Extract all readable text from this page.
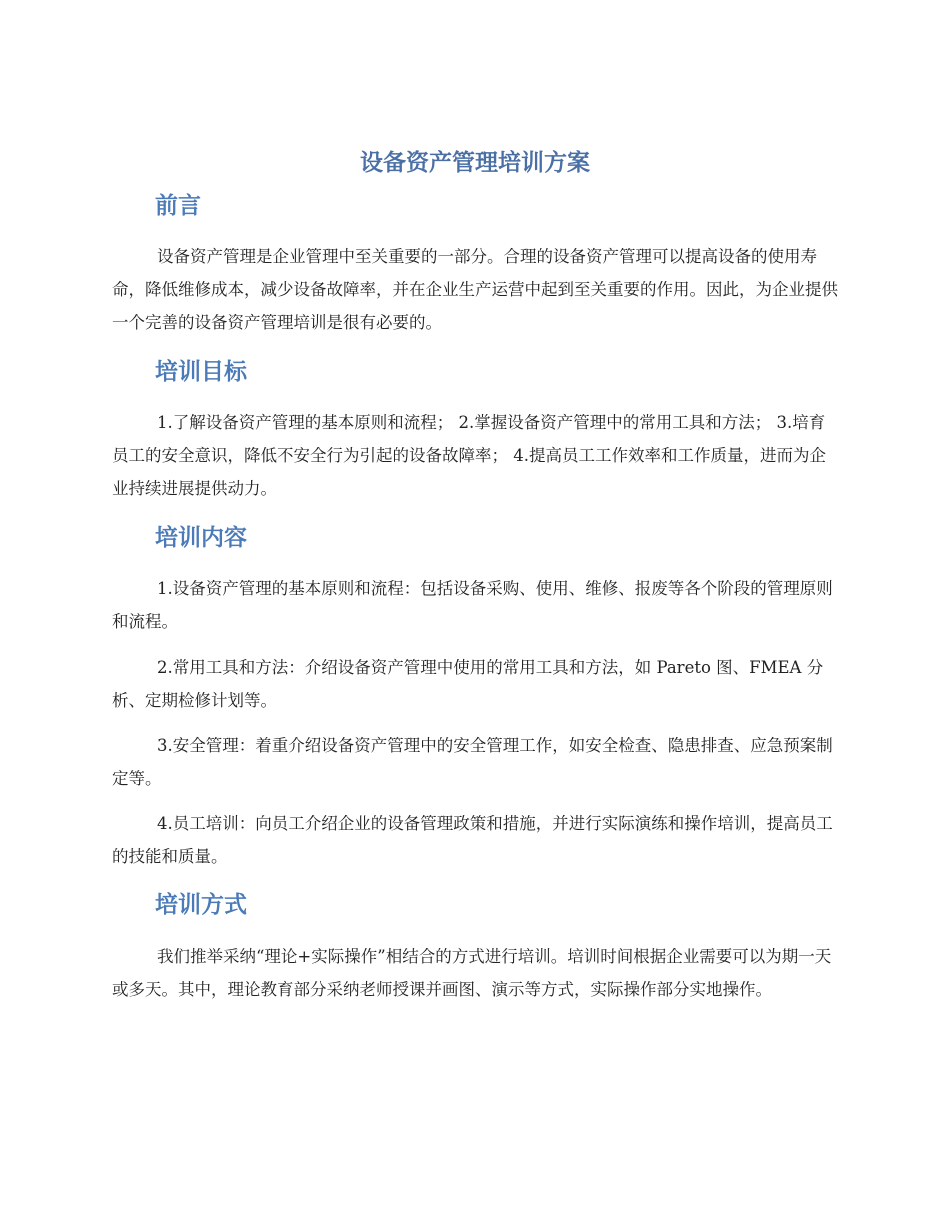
设备资产管理培训方案
前言

设备资产管理是企业管理中至关重要的一部分。合理的设备资产管理可以提高设备的使用寿命，降低维修成本，减少设备故障率，并在企业生产运营中起到至关重要的作用。因此，为企业提供一个完善的设备资产管理培训是很有必要的。

培训目标

1.了解设备资产管理的基本原则和流程； 2.掌握设备资产管理中的常用工具和方法； 3.培育员工的安全意识，降低不安全行为引起的设备故障率； 4.提高员工工作效率和工作质量，进而为企业持续进展提供动力。

培训内容

1.设备资产管理的基本原则和流程：包括设备采购、使用、维修、报废等各个阶段的管理原则和流程。

2.常用工具和方法：介绍设备资产管理中使用的常用工具和方法，如 Pareto 图、FMEA 分析、定期检修计划等。

3.安全管理：着重介绍设备资产管理中的安全管理工作，如安全检查、隐患排查、应急预案制定等。

4.员工培训：向员工介绍企业的设备管理政策和措施，并进行实际演练和操作培训，提高员工的技能和质量。

培训方式

我们推举采纳“理论+实际操作”相结合的方式进行培训。培训时间根据企业需要可以为期一天或多天。其中，理论教育部分采纳老师授课并画图、演示等方式，实际操作部分实地操作。
